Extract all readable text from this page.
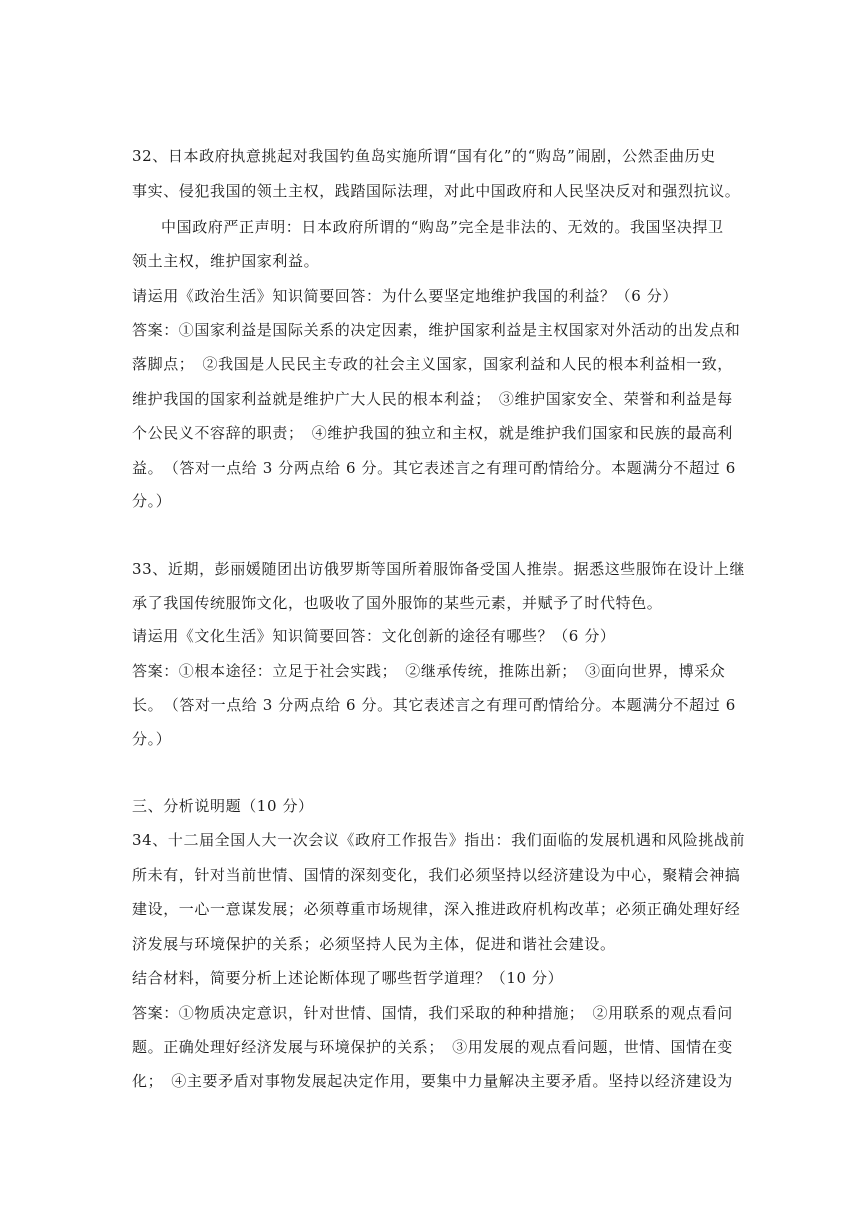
32、日本政府执意挑起对我国钓鱼岛实施所谓“国有化”的“购岛”闹剧，公然歪曲历史
事实、侵犯我国的领土主权，践踏国际法理，对此中国政府和人民坚决反对和强烈抗议。
中国政府严正声明：日本政府所谓的“购岛”完全是非法的、无效的。我国坚决捍卫
领土主权，维护国家利益。
请运用《政治生活》知识简要回答：为什么要坚定地维护我国的利益？（6 分）
答案：①国家利益是国际关系的决定因素，维护国家利益是主权国家对外活动的出发点和
落脚点；　②我国是人民民主专政的社会主义国家，国家利益和人民的根本利益相一致，
维护我国的国家利益就是维护广大人民的根本利益；　③维护国家安全、荣誉和利益是每
个公民义不容辞的职责；　④维护我国的独立和主权，就是维护我们国家和民族的最高利
益。　（答对一点给 3 分两点给 6 分。其它表述言之有理可酌情给分。本题满分不超过 6
分。）
33、近期，彭丽媛随团出访俄罗斯等国所着服饰备受国人推崇。据悉这些服饰在设计上继
承了我国传统服饰文化，也吸收了国外服饰的某些元素，并赋予了时代特色。
请运用《文化生活》知识简要回答：文化创新的途径有哪些？（6 分）
答案：①根本途径：立足于社会实践；　②继承传统，推陈出新；　③面向世界，博采众
长。　（答对一点给 3 分两点给 6 分。其它表述言之有理可酌情给分。本题满分不超过 6
分。）
三、分析说明题（10 分）
34、十二届全国人大一次会议《政府工作报告》指出：我们面临的发展机遇和风险挑战前
所未有，针对当前世情、国情的深刻变化，我们必须坚持以经济建设为中心，聚精会神搞
建设，一心一意谋发展；必须尊重市场规律，深入推进政府机构改革；必须正确处理好经
济发展与环境保护的关系；必须坚持人民为主体，促进和谐社会建设。
结合材料，简要分析上述论断体现了哪些哲学道理？（10 分）
答案：①物质决定意识，针对世情、国情，我们采取的种种措施；　②用联系的观点看问
题。正确处理好经济发展与环境保护的关系；　③用发展的观点看问题，世情、国情在变
化；　④主要矛盾对事物发展起决定作用，要集中力量解决主要矛盾。坚持以经济建设为
